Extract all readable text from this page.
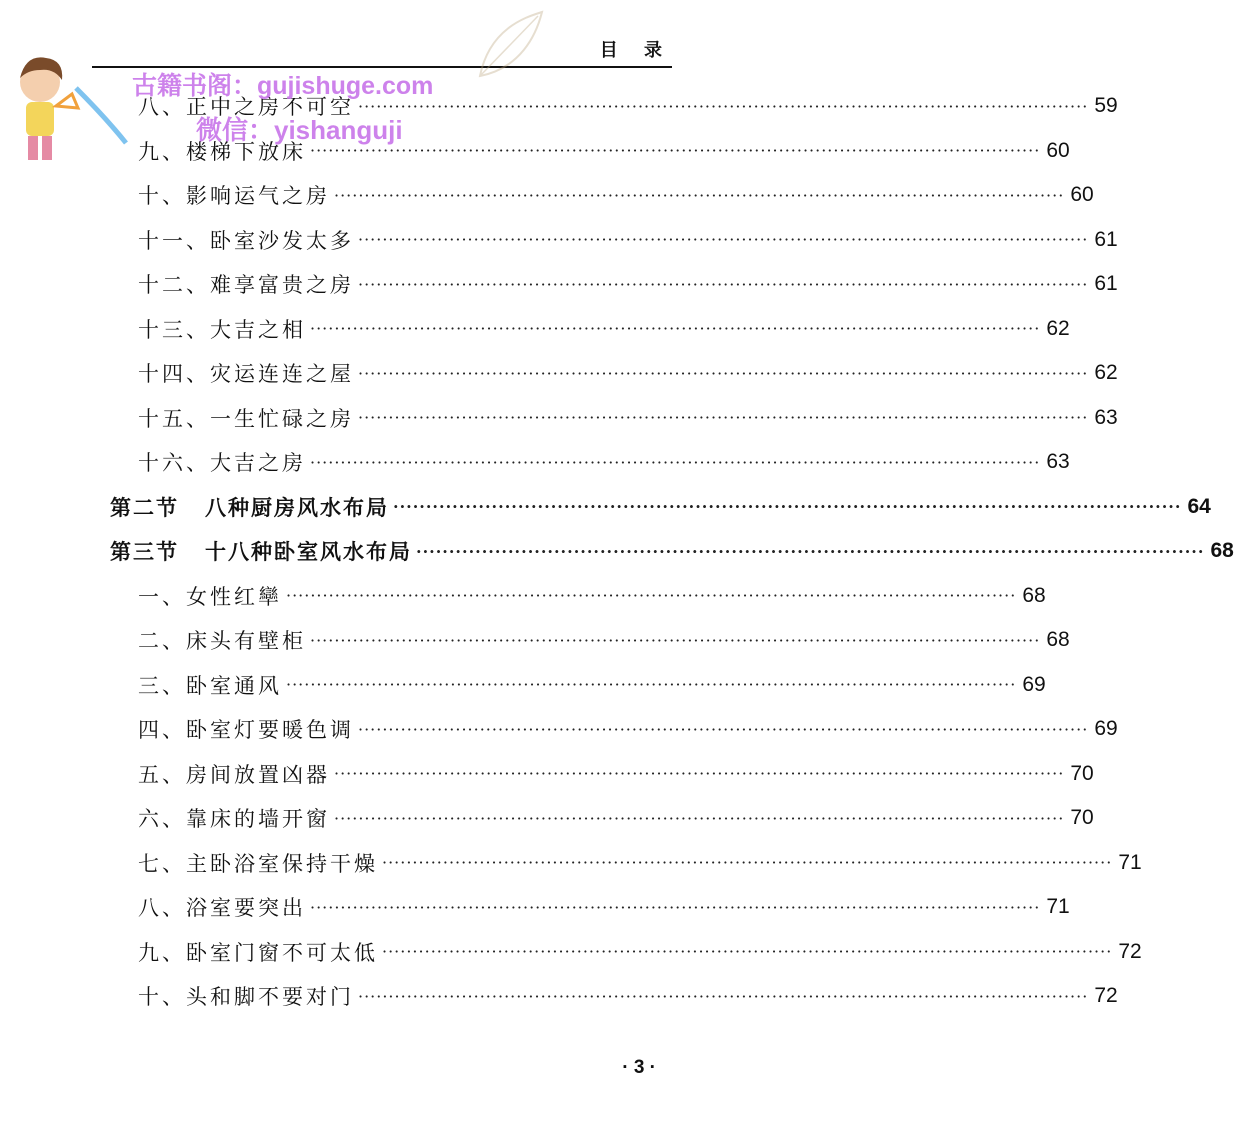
目 录
八、正中之房不可空 ························································································································ 59
九、楼梯下放床 ························································································································ 60
十、影响运气之房 ························································································································ 60
十一、卧室沙发太多 ························································································································ 61
十二、难享富贵之房 ························································································································ 61
十三、大吉之相 ························································································································ 62
十四、灾运连连之屋 ························································································································ 62
十五、一生忙碌之房 ························································································································ 63
十六、大吉之房 ························································································································ 63
第二节 八种厨房风水布局 ························································································································ 64
第三节 十八种卧室风水布局 ························································································································ 68
一、女性红卛 ························································································································ 68
二、床头有壁柜 ························································································································ 68
三、卧室通风 ························································································································ 69
四、卧室灯要暖色调 ························································································································ 69
五、房间放置凶器 ························································································································ 70
六、靠床的墙开窗 ························································································································ 70
七、主卧浴室保持干燥 ························································································································ 71
八、浴室要突出 ························································································································ 71
九、卧室门窗不可太低 ························································································································ 72
十、头和脚不要对门 ························································································································ 72
· 3 ·
古籍书阁：gujishuge.com
微信：yishanguji
